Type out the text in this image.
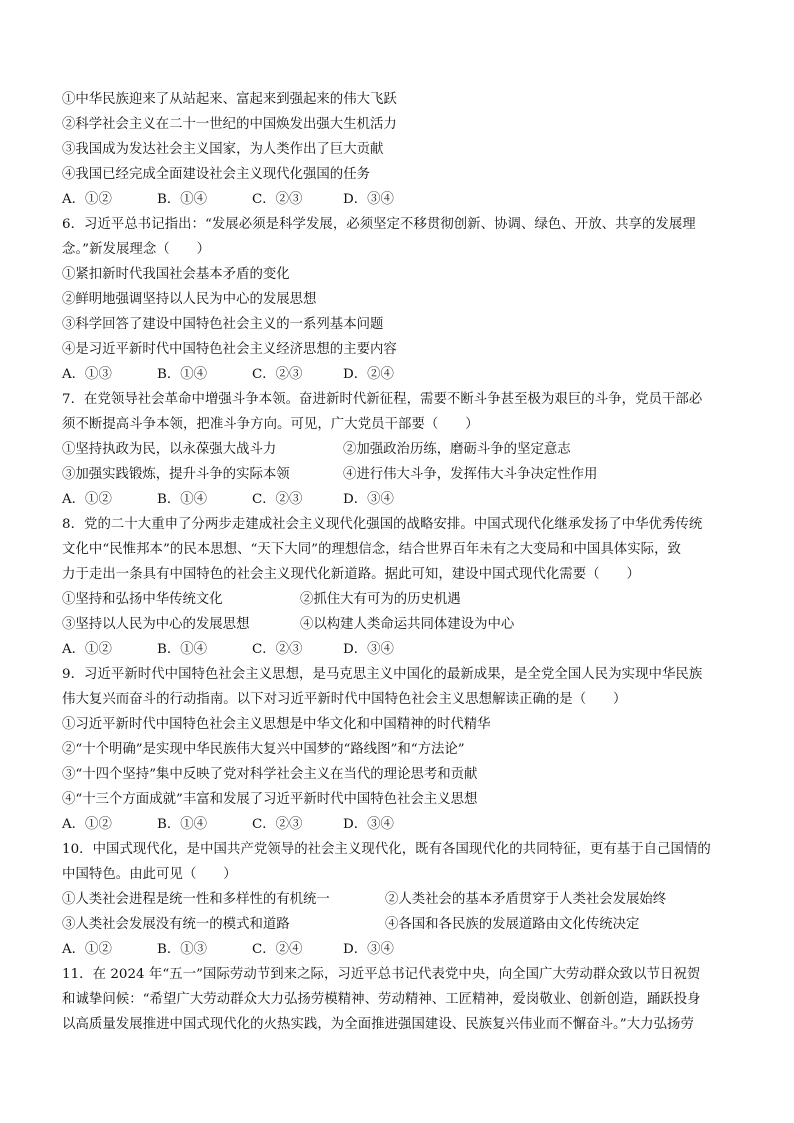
①中华民族迎来了从站起来、富起来到强起来的伟大飞跃
②科学社会主义在二十一世纪的中国焕发出强大生机活力
③我国成为发达社会主义国家，为人类作出了巨大贡献
④我国已经完成全面建设社会主义现代化强国的任务
A．①②	B．①④	C．②③	D．③④
6．习近平总书记指出：“发展必须是科学发展，必须坚定不移贯彻创新、协调、绿色、开放、共享的发展理
念。”新发展理念（　　）
①紧扣新时代我国社会基本矛盾的变化
②鲜明地强调坚持以人民为中心的发展思想
③科学回答了建设中国特色社会主义的一系列基本问题
④是习近平新时代中国特色社会主义经济思想的主要内容
A．①③	B．①④	C．②③	D．②④
7．在党领导社会革命中增强斗争本领。奋进新时代新征程，需要不断斗争甚至极为艰巨的斗争，党员干部必
须不断提高斗争本领，把准斗争方向。可见，广大党员干部要（　　）
①坚持执政为民，以永葆强大战斗力	②加强政治历练，磨砺斗争的坚定意志
③加强实践锻炼，提升斗争的实际本领	④进行伟大斗争，发挥伟大斗争决定性作用
A．①②	B．①④	C．②③	D．③④
8．党的二十大重申了分两步走建成社会主义现代化强国的战略安排。中国式现代化继承发扬了中华优秀传统
文化中“民惟邦本”的民本思想、“天下大同”的理想信念，结合世界百年未有之大变局和中国具体实际，致
力于走出一条具有中国特色的社会主义现代化新道路。据此可知，建设中国式现代化需要（　　）
①坚持和弘扬中华传统文化	②抓住大有可为的历史机遇
③坚持以人民为中心的发展思想	④以构建人类命运共同体建设为中心
A．①②	B．①④	C．②③	D．③④
9．习近平新时代中国特色社会主义思想，是马克思主义中国化的最新成果，是全党全国人民为实现中华民族
伟大复兴而奋斗的行动指南。以下对习近平新时代中国特色社会主义思想解读正确的是（　　）
①习近平新时代中国特色社会主义思想是中华文化和中国精神的时代精华
②“十个明确”是实现中华民族伟大复兴中国梦的“路线图”和“方法论”
③“十四个坚持”集中反映了党对科学社会主义在当代的理论思考和贡献
④“十三个方面成就”丰富和发展了习近平新时代中国特色社会主义思想
A．①②	B．①④	C．②③	D．③④
10．中国式现代化，是中国共产党领导的社会主义现代化，既有各国现代化的共同特征，更有基于自己国情的
中国特色。由此可见（　　）
①人类社会进程是统一性和多样性的有机统一	②人类社会的基本矛盾贯穿于人类社会发展始终
③人类社会发展没有统一的模式和道路	④各国和各民族的发展道路由文化传统决定
A．①②	B．①③	C．②④	D．③④
11．在 2024 年“五一”国际劳动节到来之际，习近平总书记代表党中央，向全国广大劳动群众致以节日祝贺
和诚挚问候：“希望广大劳动群众大力弘扬劳模精神、劳动精神、工匠精神，爱岗敬业、创新创造，踊跃投身
以高质量发展推进中国式现代化的火热实践，为全面推进强国建设、民族复兴伟业而不懈奋斗。”大力弘扬劳
